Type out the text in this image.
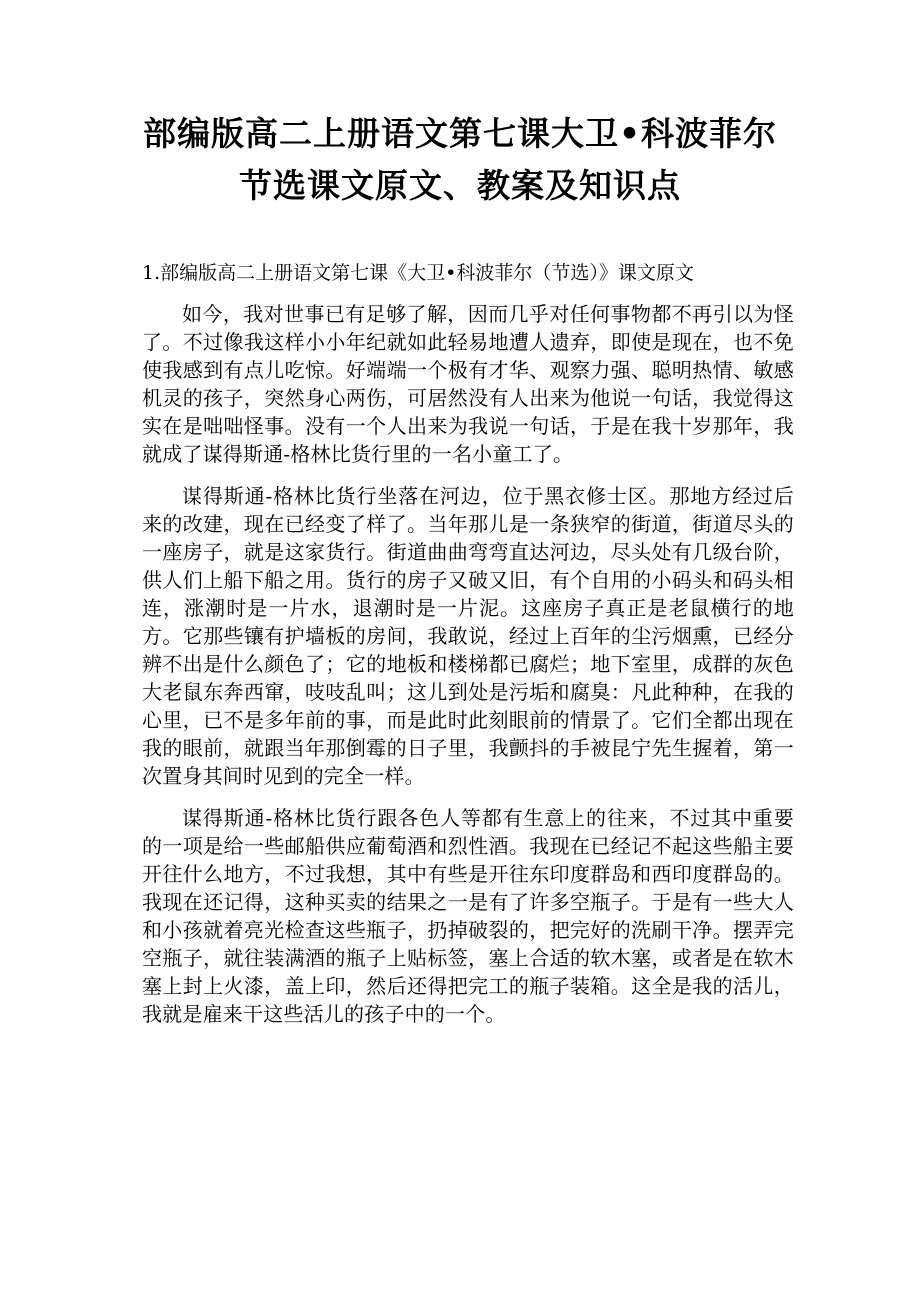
部编版高二上册语文第七课大卫•科波菲尔
节选课文原文、教案及知识点
1.部编版高二上册语文第七课《大卫•科波菲尔（节选）》课文原文

如今，我对世事已有足够了解，因而几乎对任何事物都不再引以为怪了。不过像我这样小小年纪就如此轻易地遭人遗弃，即使是现在，也不免使我感到有点儿吃惊。好端端一个极有才华、观察力强、聪明热情、敏感机灵的孩子，突然身心两伤，可居然没有人出来为他说一句话，我觉得这实在是咄咄怪事。没有一个人出来为我说一句话，于是在我十岁那年，我就成了谋得斯通-格林比货行里的一名小童工了。

谋得斯通-格林比货行坐落在河边，位于黑衣修士区。那地方经过后来的改建，现在已经变了样了。当年那儿是一条狭窄的街道，街道尽头的一座房子，就是这家货行。街道曲曲弯弯直达河边，尽头处有几级台阶，供人们上船下船之用。货行的房子又破又旧，有个自用的小码头和码头相连，涨潮时是一片水，退潮时是一片泥。这座房子真正是老鼠横行的地方。它那些镶有护墙板的房间，我敢说，经过上百年的尘污烟熏，已经分辨不出是什么颜色了；它的地板和楼梯都已腐烂；地下室里，成群的灰色大老鼠东奔西窜，吱吱乱叫；这儿到处是污垢和腐臭：凡此种种，在我的心里，已不是多年前的事，而是此时此刻眼前的情景了。它们全都出现在我的眼前，就跟当年那倒霉的日子里，我颤抖的手被昆宁先生握着，第一次置身其间时见到的完全一样。

谋得斯通-格林比货行跟各色人等都有生意上的往来，不过其中重要的一项是给一些邮船供应葡萄酒和烈性酒。我现在已经记不起这些船主要开往什么地方，不过我想，其中有些是开往东印度群岛和西印度群岛的。我现在还记得，这种买卖的结果之一是有了许多空瓶子。于是有一些大人和小孩就着亮光检查这些瓶子，扔掉破裂的，把完好的洗刷干净。摆弄完空瓶子，就往装满酒的瓶子上贴标签，塞上合适的软木塞，或者是在软木塞上封上火漆，盖上印，然后还得把完工的瓶子装箱。这全是我的活儿，我就是雇来干这些活儿的孩子中的一个。
